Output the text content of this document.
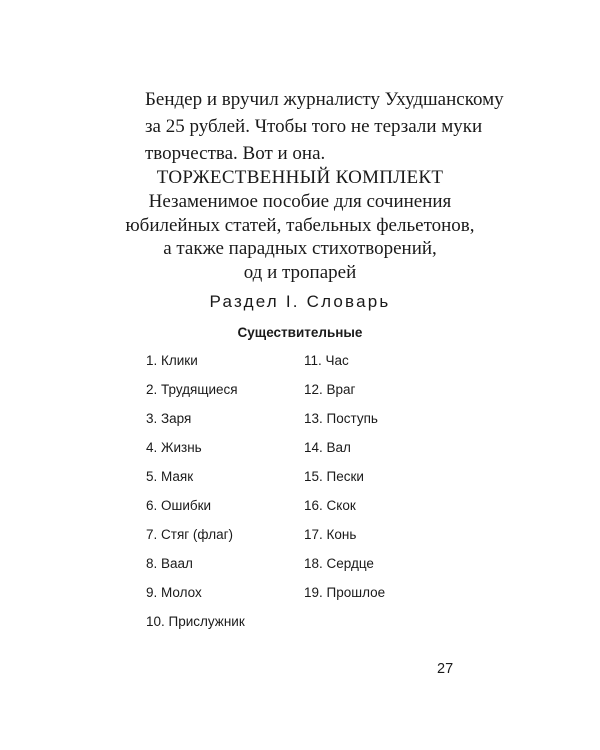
Бендер и вручил журналисту Ухудшанскому
за 25 рублей. Чтобы того не терзали муки
творчества. Вот и она.
ТОРЖЕСТВЕННЫЙ КОМПЛЕКТ
Незаменимое пособие для сочинения
юбилейных статей, табельных фельетонов,
а также парадных стихотворений,
од и тропарей
Раздел I. Словарь
Существительные
1. Клики
2. Трудящиеся
3. Заря
4. Жизнь
5. Маяк
6. Ошибки
7. Стяг (флаг)
8. Ваал
9. Молох
10. Прислужник
11. Час
12. Враг
13. Поступь
14. Вал
15. Пески
16. Скок
17. Конь
18. Сердце
19. Прошлое
27
